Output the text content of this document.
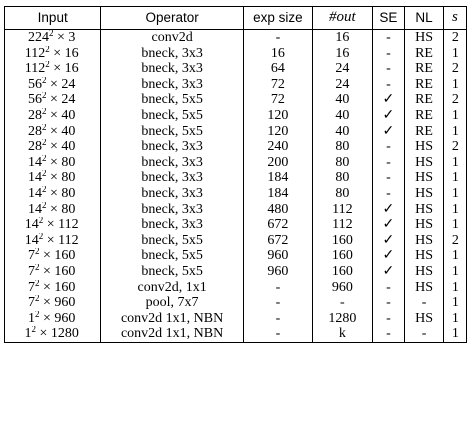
Input	Operator	exp size	#out	SE	NL	s
$224^2 \times 3$	conv2d	-	16	-	HS	2
$112^2 \times 16$	bneck, 3x3	16	16	-	RE	1
$112^2 \times 16$	bneck, 3x3	64	24	-	RE	2
$56^2 \times 24$	bneck, 3x3	72	24	-	RE	1
$56^2 \times 24$	bneck, 5x5	72	40	✓	RE	2
$28^2 \times 40$	bneck, 5x5	120	40	✓	RE	1
$28^2 \times 40$	bneck, 5x5	120	40	✓	RE	1
$28^2 \times 40$	bneck, 3x3	240	80	-	HS	2
$14^2 \times 80$	bneck, 3x3	200	80	-	HS	1
$14^2 \times 80$	bneck, 3x3	184	80	-	HS	1
$14^2 \times 80$	bneck, 3x3	184	80	-	HS	1
$14^2 \times 80$	bneck, 3x3	480	112	✓	HS	1
$14^2 \times 112$	bneck, 3x3	672	112	✓	HS	1
$14^2 \times 112$	bneck, 5x5	672	160	✓	HS	2
$7^2 \times 160$	bneck, 5x5	960	160	✓	HS	1
$7^2 \times 160$	bneck, 5x5	960	160	✓	HS	1
$7^2 \times 160$	conv2d, 1x1	-	960	-	HS	1
$7^2 \times 960$	pool, 7x7	-	-	-	-	1
$1^2 \times 960$	conv2d 1x1, NBN	-	1280	-	HS	1
$1^2 \times 1280$	conv2d 1x1, NBN	-	k	-	-	1
